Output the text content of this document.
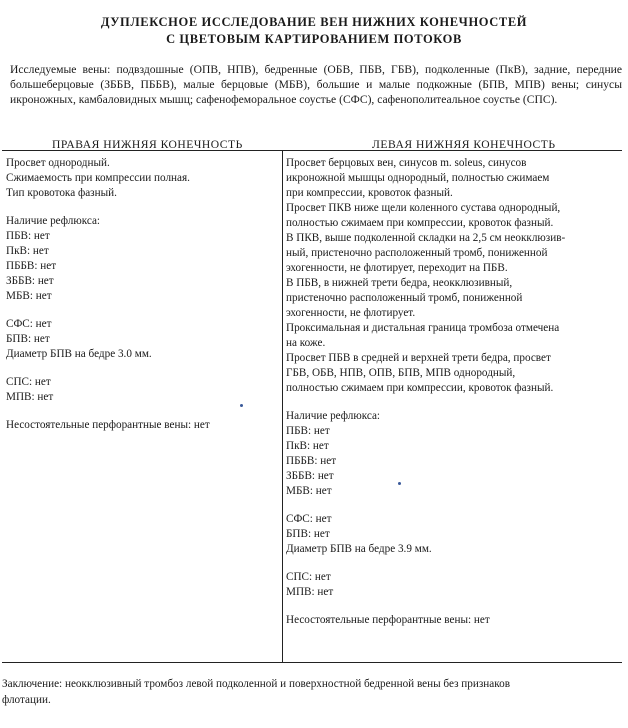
ДУПЛЕКСНОЕ ИССЛЕДОВАНИЕ ВЕН НИЖНИХ КОНЕЧНОСТЕЙ
С ЦВЕТОВЫМ КАРТИРОВАНИЕМ ПОТОКОВ
Исследуемые вены: подвздошные (ОПВ, НПВ), бедренные (ОБВ, ПБВ, ГБВ), подколенные (ПкВ), задние, передние большеберцовые (ЗББВ, ПББВ), малые берцовые (МБВ), большие и малые подкожные (БПВ, МПВ) вены; синусы икроножных, камбаловидных мышц; сафенофеморальное соустье (СФС), сафенополитеальное соустье (СПС).
ПРАВАЯ НИЖНЯЯ КОНЕЧНОСТЬ	ЛЕВАЯ НИЖНЯЯ КОНЕЧНОСТЬ
Просвет однородный.
Сжимаемость при компрессии полная.
Тип кровотока фазный.
Наличие рефлюкса:
ПБВ: нет
ПкВ: нет
ПББВ: нет
ЗББВ: нет
МБВ: нет
СФС: нет
БПВ: нет
Диаметр БПВ на бедре 3.0 мм.
СПС: нет
МПВ: нет
Несостоятельные перфорантные вены: нет
Просвет берцовых вен, синусов m. soleus, синусов
икроножной мышцы однородный, полностью сжимаем
при компрессии, кровоток фазный.
Просвет ПКВ ниже щели коленного сустава однородный,
полностью сжимаем при компрессии, кровоток фазный.
В ПКВ, выше подколенной складки на 2,5 см неокклюзив-
ный, пристеночно расположенный тромб, пониженной
эхогенности, не флотирует, переходит на ПБВ.
В ПБВ, в нижней трети бедра, неокклюзивный,
пристеночно расположенный тромб, пониженной
эхогенности, не флотирует.
Проксимальная и дистальная граница тромбоза отмечена
на коже.
Просвет ПБВ в средней и верхней трети бедра, просвет
ГБВ, ОБВ, НПВ, ОПВ, БПВ, МПВ однородный,
полностью сжимаем при компрессии, кровоток фазный.
Наличие рефлюкса:
ПБВ: нет
ПкВ: нет
ПББВ: нет
ЗББВ: нет
МБВ: нет
СФС: нет
БПВ: нет
Диаметр БПВ на бедре 3.9 мм.
СПС: нет
МПВ: нет
Несостоятельные перфорантные вены: нет
Заключение: неокклюзивный тромбоз левой подколенной и поверхностной бедренной вены без признаков
флотации.
